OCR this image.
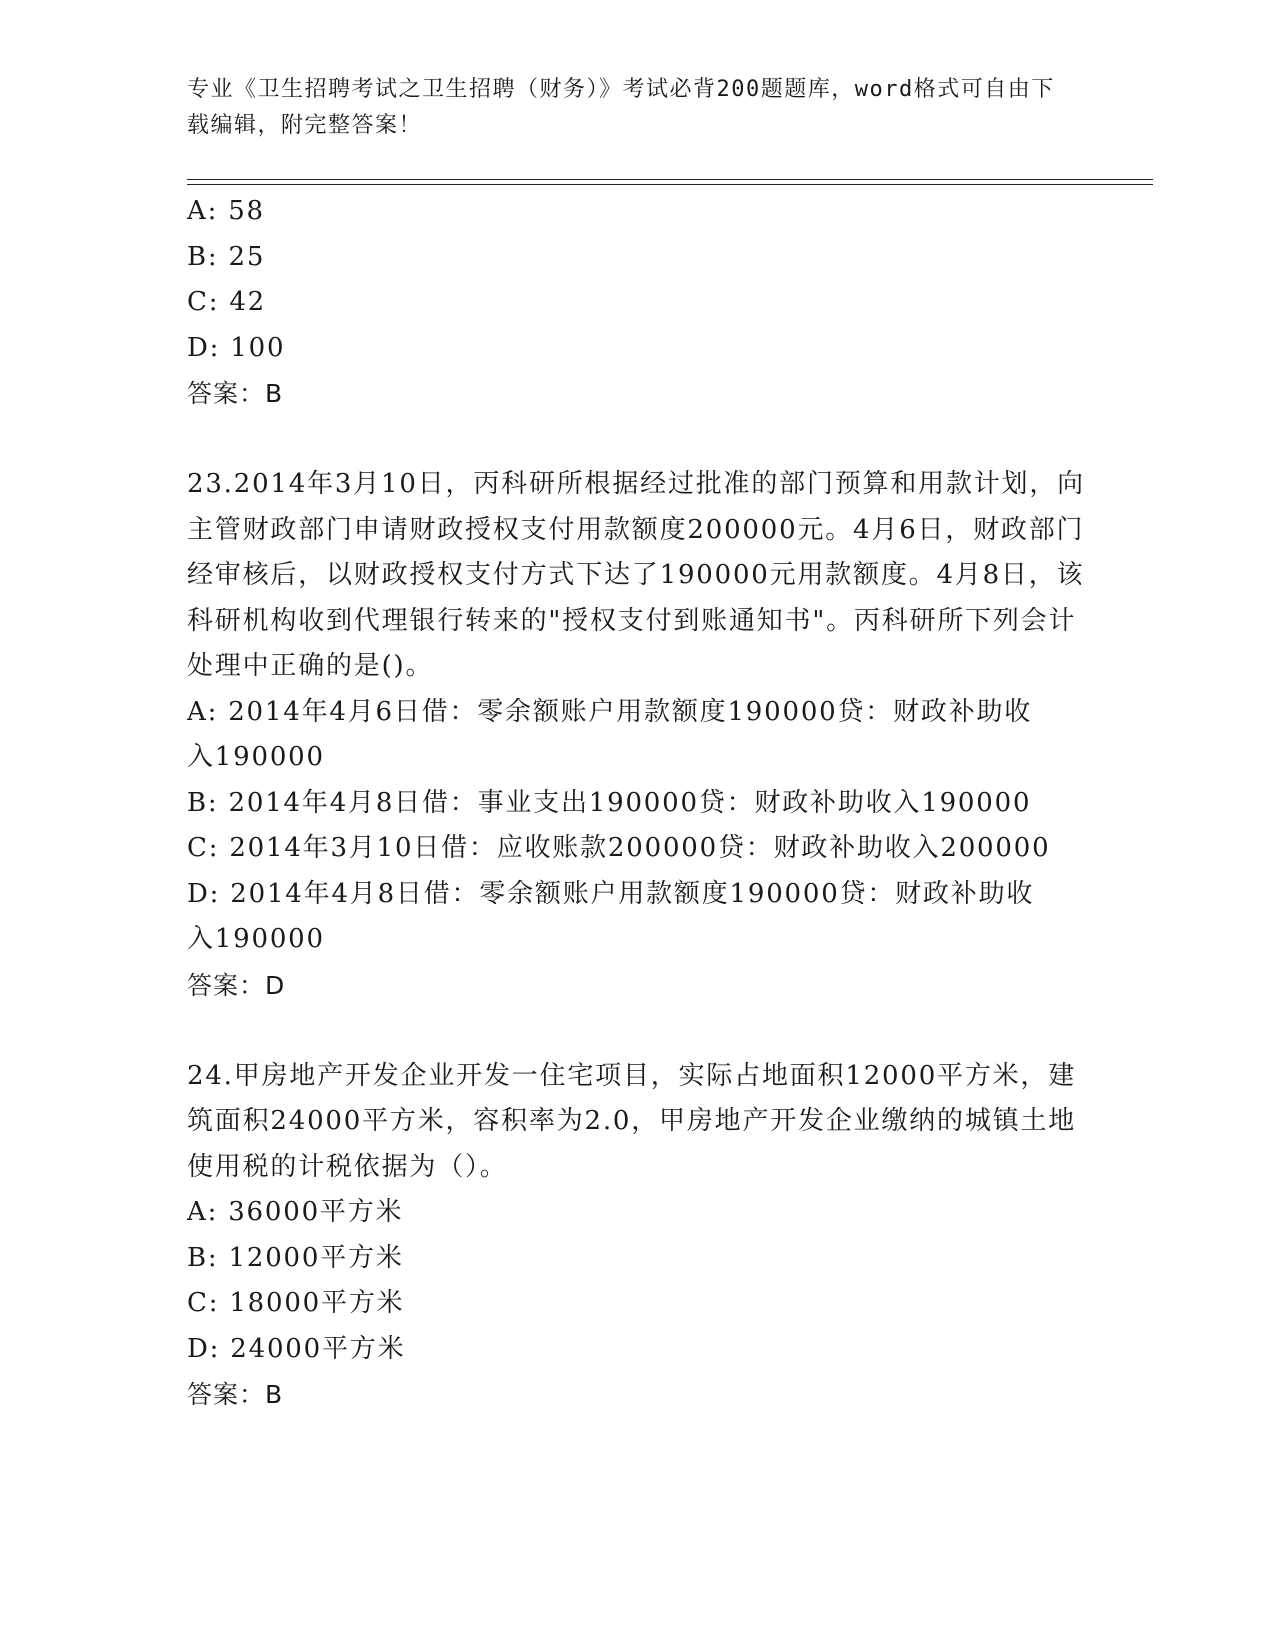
专业《卫生招聘考试之卫生招聘（财务）》考试必背200题题库，word格式可自由下载编辑，附完整答案！

A: 58
B: 25
C: 42
D: 100
答案：B

23.2014年3月10日，丙科研所根据经过批准的部门预算和用款计划，向主管财政部门申请财政授权支付用款额度200000元。4月6日，财政部门经审核后，以财政授权支付方式下达了190000元用款额度。4月8日，该科研机构收到代理银行转来的"授权支付到账通知书"。丙科研所下列会计处理中正确的是()。

A: 2014年4月6日借：零余额账户用款额度190000贷：财政补助收
入190000
B: 2014年4月8日借：事业支出190000贷：财政补助收入190000
C: 2014年3月10日借：应收账款200000贷：财政补助收入200000
D: 2014年4月8日借：零余额账户用款额度190000贷：财政补助收
入190000
答案：D

24.甲房地产开发企业开发一住宅项目，实际占地面积12000平方米，建筑面积24000平方米，容积率为2.0，甲房地产开发企业缴纳的城镇土地使用税的计税依据为（）。

A: 36000平方米
B: 12000平方米
C: 18000平方米
D: 24000平方米
答案：B
